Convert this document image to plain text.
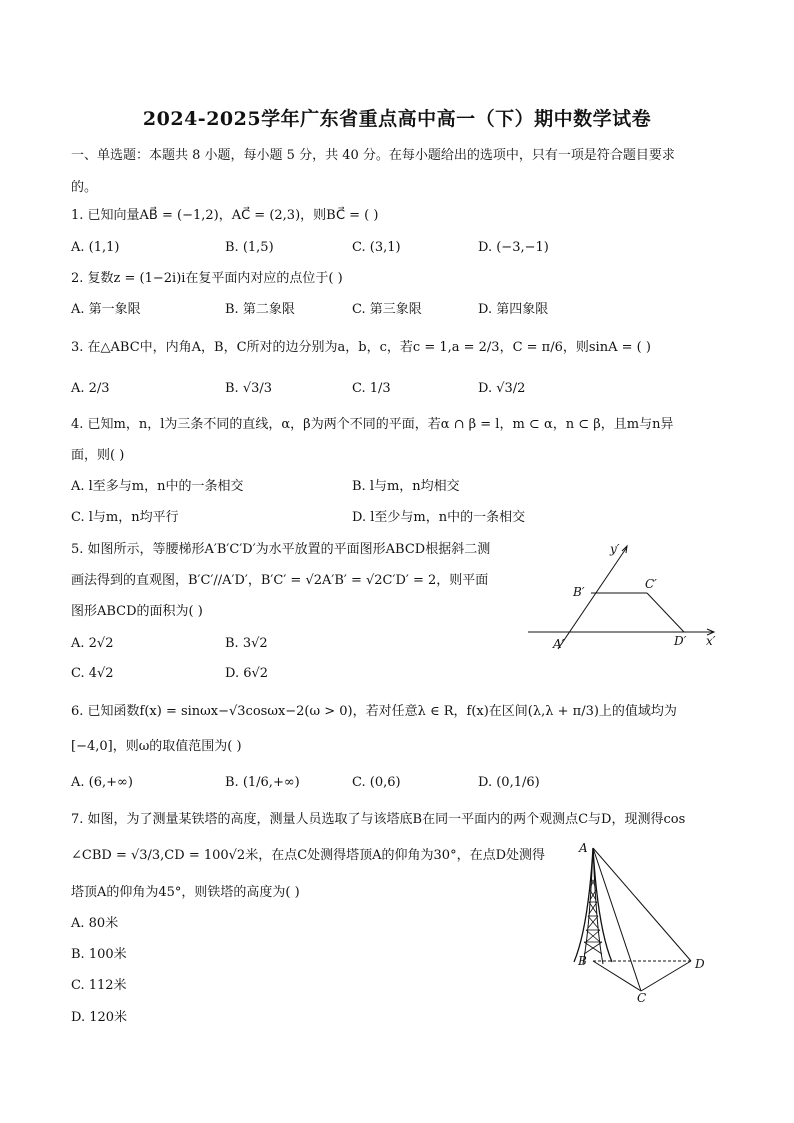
2024-2025学年广东省重点高中高一（下）期中数学试卷
一、单选题：本题共 8 小题，每小题 5 分，共 40 分。在每小题给出的选项中，只有一项是符合题目要求
的。
1. 已知向量AB⃗ = (−1,2)，AC⃗ = (2,3)，则BC⃗ = ( )
A. (1,1)	B. (1,5)	C. (3,1)	D. (−3,−1)
2. 复数z = (1−2i)i在复平面内对应的点位于( )
A. 第一象限	B. 第二象限	C. 第三象限	D. 第四象限
3. 在△ABC中，内角A，B，C所对的边分别为a，b，c，若c = 1,a = 2/3，C = π/6，则sinA = ( )
A. 2/3	B. √3/3	C. 1/3	D. √3/2
4. 已知m，n，l为三条不同的直线，α，β为两个不同的平面，若α ∩ β = l，m ⊂ α，n ⊂ β，且m与n异
面，则( )
A. l至多与m，n中的一条相交	B. l与m，n均相交
C. l与m，n均平行	D. l至少与m，n中的一条相交
5. 如图所示，等腰梯形A′B′C′D′为水平放置的平面图形ABCD根据斜二测
画法得到的直观图，B′C′//A′D′，B′C′ = √2A′B′ = √2C′D′ = 2，则平面
图形ABCD的面积为( )
A. 2√2	B. 3√2
C. 4√2	D. 6√2
y′
B′
C′
A′	D′ x′
6. 已知函数f(x) = sinωx−√3cosωx−2(ω > 0)，若对任意λ ∈ R，f(x)在区间(λ,λ + π/3)上的值域均为
[−4,0]，则ω的取值范围为( )
A. (6,+∞)	B. (1/6,+∞)	C. (0,6)	D. (0,1/6)
7. 如图，为了测量某铁塔的高度，测量人员选取了与该塔底B在同一平面内的两个观测点C与D，现测得cos
∠CBD = √3/3,CD = 100√2米，在点C处测得塔顶A的仰角为30°，在点D处测得
塔顶A的仰角为45°，则铁塔的高度为( )
A. 80米
B. 100米
C. 112米
D. 120米
A
B
C
D
